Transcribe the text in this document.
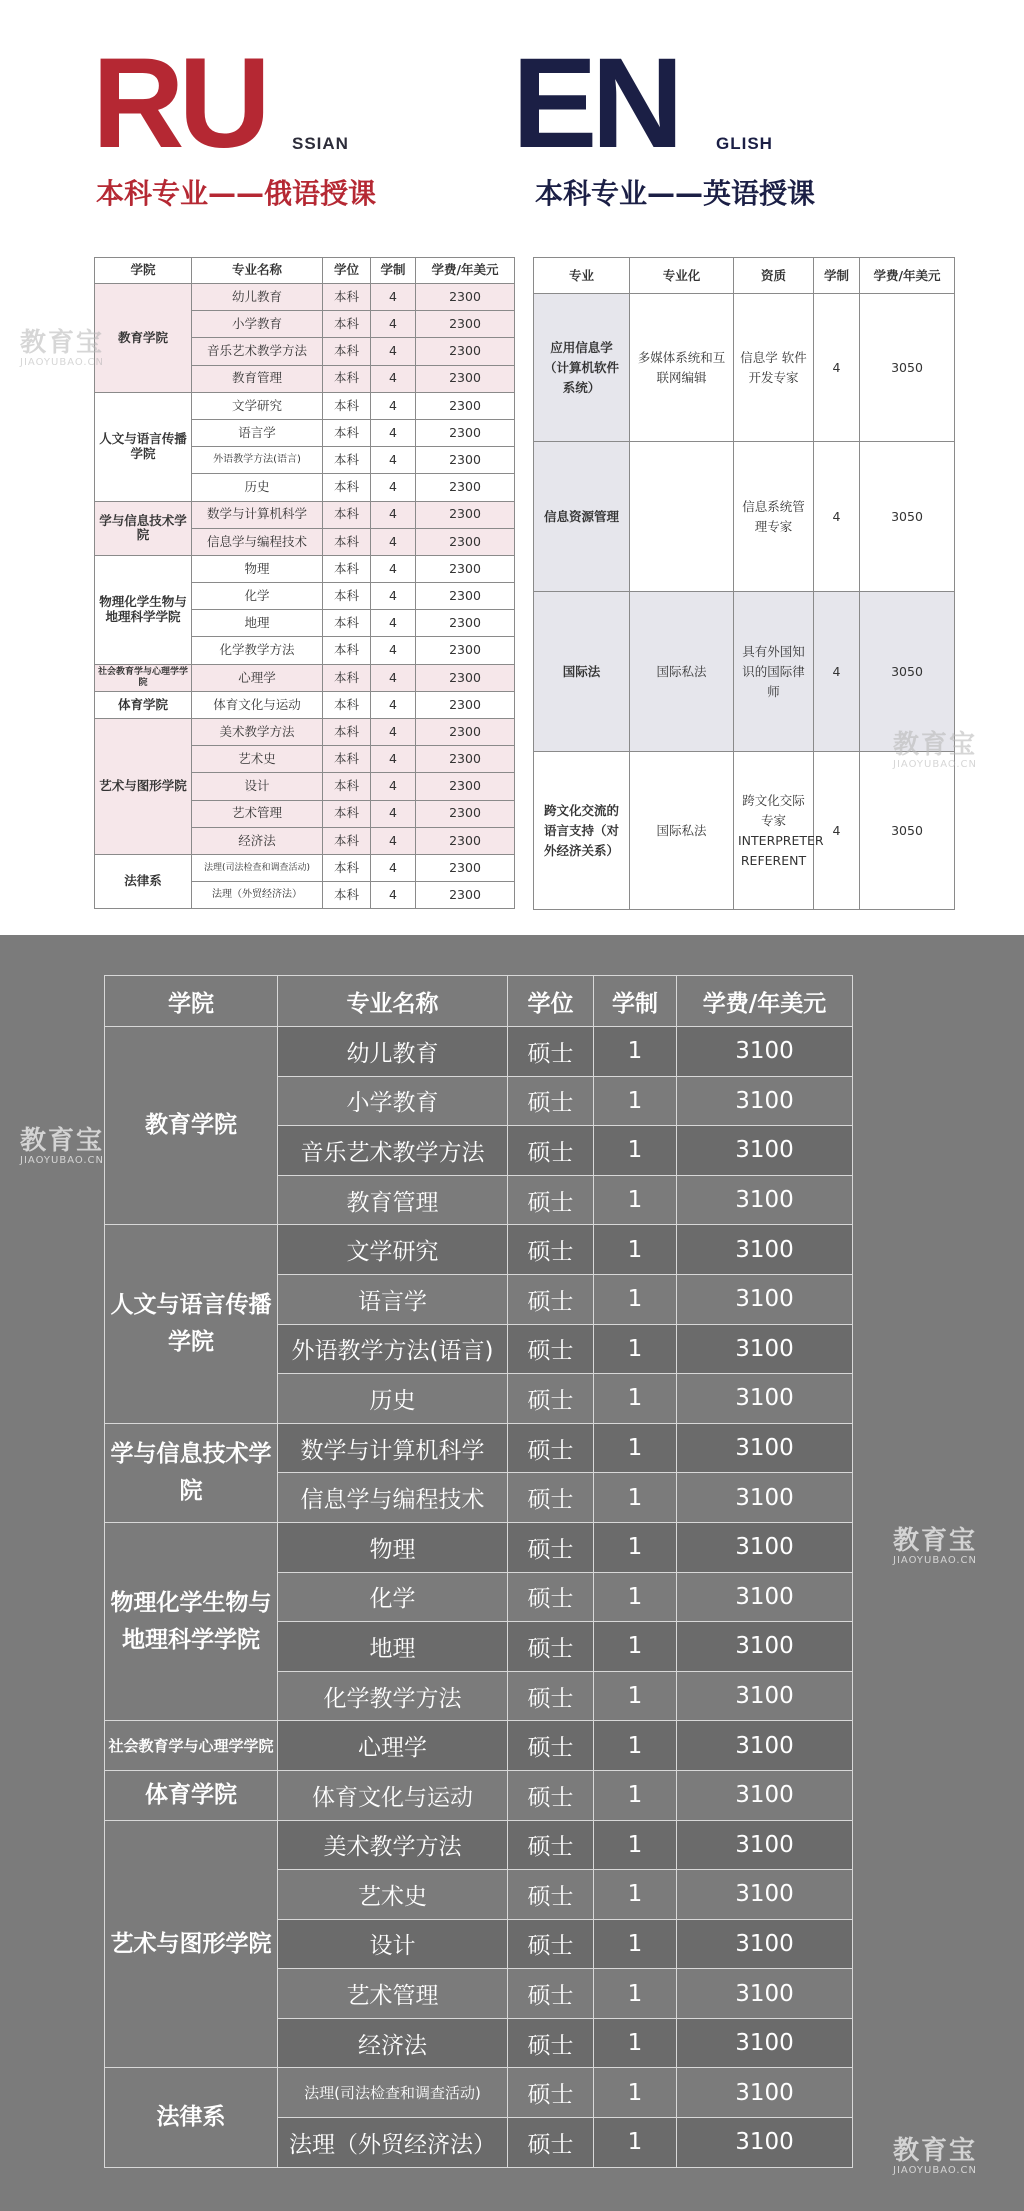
RU SSIAN EN GLISH
本科专业——俄语授课	本科专业——英语授课
学院	专业名称	学位	学制	学费/年美元
教育学院	幼儿教育	本科	4	2300
	小学教育	本科	4	2300
	音乐艺术教学方法	本科	4	2300
	教育管理	本科	4	2300
人文与语言传播学院	文学研究	本科	4	2300
	语言学	本科	4	2300
	外语教学方法(语言)	本科	4	2300
	历史	本科	4	2300
学与信息技术学院	数学与计算机科学	本科	4	2300
	信息学与编程技术	本科	4	2300
物理化学生物与地理科学学院	物理	本科	4	2300
	化学	本科	4	2300
	地理	本科	4	2300
	化学教学方法	本科	4	2300
社会教育学与心理学学院	心理学	本科	4	2300
体育学院	体育文化与运动	本科	4	2300
艺术与图形学院	美术教学方法	本科	4	2300
	艺术史	本科	4	2300
	设计	本科	4	2300
	艺术管理	本科	4	2300
	经济法	本科	4	2300
法律系	法理(司法检查和调查活动)	本科	4	2300
	法理（外贸经济法）	本科	4	2300
专业	专业化	资质	学制	学费/年美元
应用信息学（计算机软件系统）	多媒体系统和互联网编辑	信息学 软件开发专家	4	3050
信息资源管理		信息系统管理专家	4	3050
国际法	国际私法	具有外国知识的国际律师	4	3050
跨文化交流的语言支持（对外经济关系）	国际私法	跨文化交际专家 INTERPRETER REFERENT	4	3050
教育宝
JIAOYUBAO.CN
教育宝
JIAOYUBAO.CN
学院	专业名称	学位	学制	学费/年美元
教育学院	幼儿教育	硕士	1	3100
	小学教育	硕士	1	3100
	音乐艺术教学方法	硕士	1	3100
	教育管理	硕士	1	3100
人文与语言传播学院	文学研究	硕士	1	3100
	语言学	硕士	1	3100
	外语教学方法(语言)	硕士	1	3100
	历史	硕士	1	3100
学与信息技术学院	数学与计算机科学	硕士	1	3100
	信息学与编程技术	硕士	1	3100
物理化学生物与地理科学学院	物理	硕士	1	3100
	化学	硕士	1	3100
	地理	硕士	1	3100
	化学教学方法	硕士	1	3100
社会教育学与心理学学院	心理学	硕士	1	3100
体育学院	体育文化与运动	硕士	1	3100
艺术与图形学院	美术教学方法	硕士	1	3100
	艺术史	硕士	1	3100
	设计	硕士	1	3100
	艺术管理	硕士	1	3100
	经济法	硕士	1	3100
法律系	法理(司法检查和调查活动)	硕士	1	3100
	法理（外贸经济法）	硕士	1	3100
教育宝
JIAOYUBAO.CN
教育宝
JIAOYUBAO.CN
教育宝
JIAOYUBAO.CN
